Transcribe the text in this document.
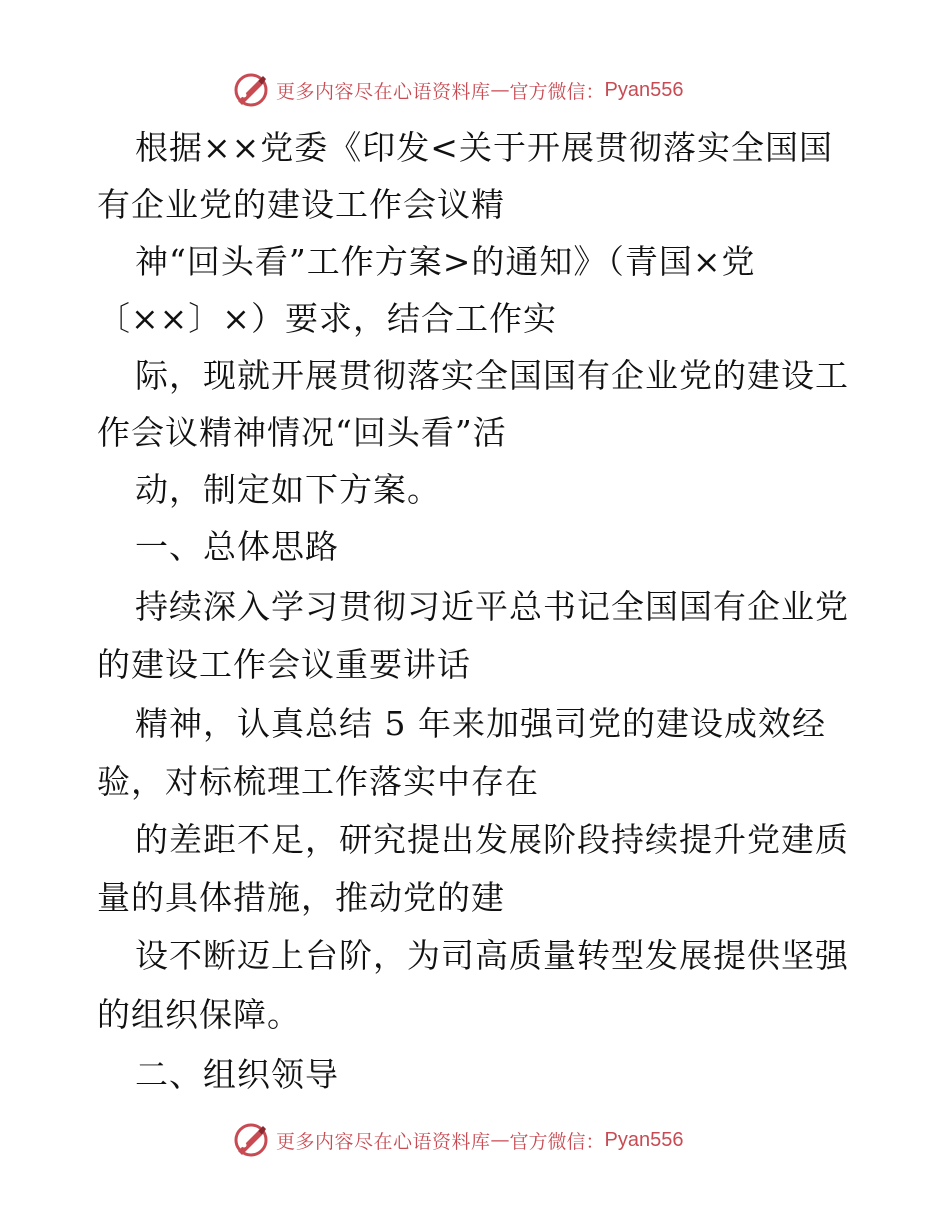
更多内容尽在心语资料库 — 官方微信： Pyan556
根据××党委《印发<关于开展贯彻落实全国国
有企业党的建设工作会议精
神“回头看”工作方案>的通知》（青国×党
〔××〕×）要求，结合工作实
际，现就开展贯彻落实全国国有企业党的建设工
作会议精神情况“回头看”活
动，制定如下方案。
一、总体思路
持续深入学习贯彻习近平总书记全国国有企业党
的建设工作会议重要讲话
精神，认真总结 5 年来加强司党的建设成效经
验，对标梳理工作落实中存在
的差距不足，研究提出发展阶段持续提升党建质
量的具体措施，推动党的建
设不断迈上台阶，为司高质量转型发展提供坚强
的组织保障。
二、组织领导
更多内容尽在心语资料库 — 官方微信： Pyan556
